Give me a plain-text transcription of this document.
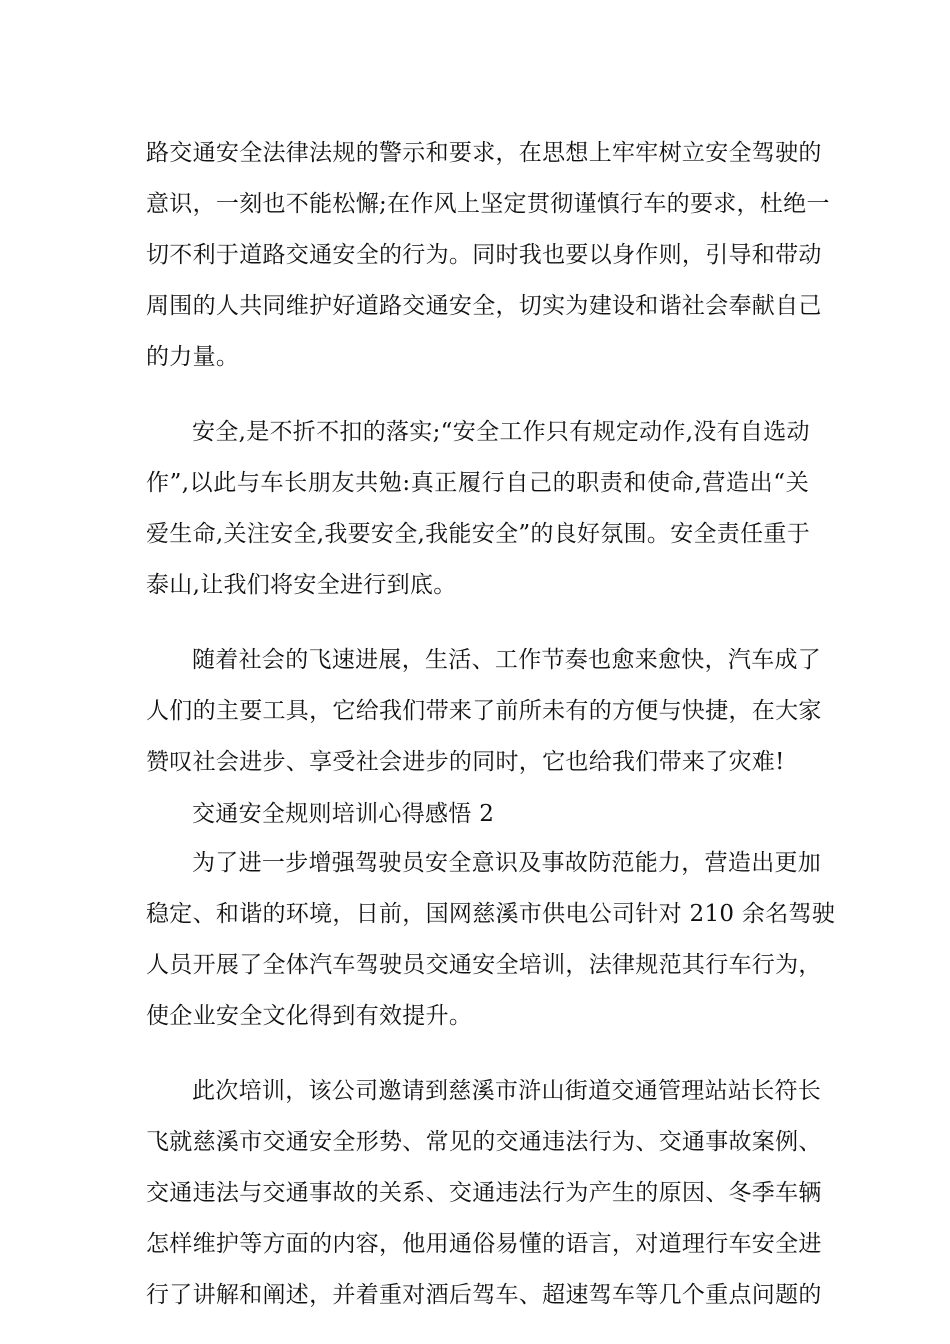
路交通安全法律法规的警示和要求，在思想上牢牢树立安全驾驶的
意识，一刻也不能松懈;在作风上坚定贯彻谨慎行车的要求，杜绝一
切不利于道路交通安全的行为。同时我也要以身作则，引导和带动
周围的人共同维护好道路交通安全，切实为建设和谐社会奉献自己
的力量。
安全,是不折不扣的落实;“安全工作只有规定动作,没有自选动
作”,以此与车长朋友共勉:真正履行自己的职责和使命,营造出“关
爱生命,关注安全,我要安全,我能安全”的良好氛围。安全责任重于
泰山,让我们将安全进行到底。
随着社会的飞速进展，生活、工作节奏也愈来愈快，汽车成了
人们的主要工具，它给我们带来了前所未有的方便与快捷，在大家
赞叹社会进步、享受社会进步的同时，它也给我们带来了灾难!
交通安全规则培训心得感悟 2
为了进一步增强驾驶员安全意识及事故防范能力，营造出更加
稳定、和谐的环境，日前，国网慈溪市供电公司针对 210 余名驾驶
人员开展了全体汽车驾驶员交通安全培训，法律规范其行车行为，
使企业安全文化得到有效提升。
此次培训，该公司邀请到慈溪市浒山街道交通管理站站长符长
飞就慈溪市交通安全形势、常见的交通违法行为、交通事故案例、
交通违法与交通事故的关系、交通违法行为产生的原因、冬季车辆
怎样维护等方面的内容，他用通俗易懂的语言，对道理行车安全进
行了讲解和阐述，并着重对酒后驾车、超速驾车等几个重点问题的
